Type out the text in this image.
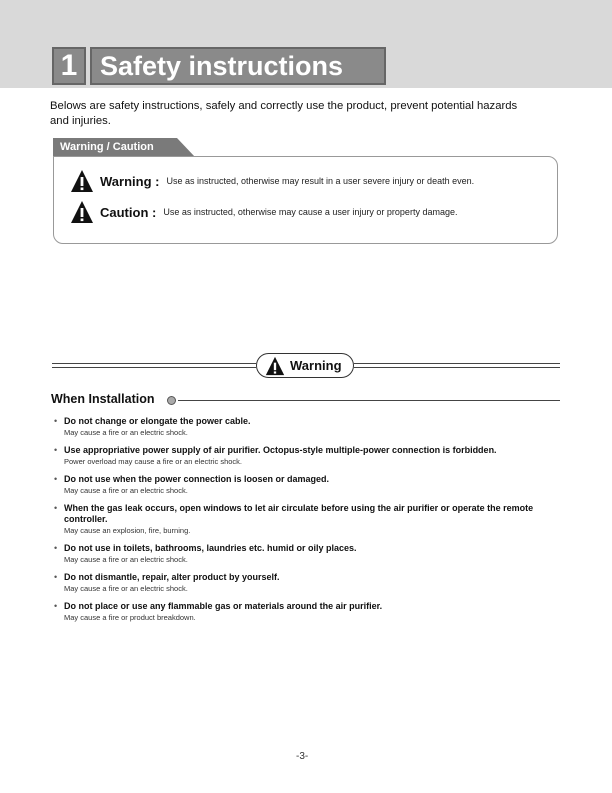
1 Safety instructions
Belows are safety instructions, safely and correctly use the product, prevent potential hazards and injuries.
Warning / Caution
Warning : Use as instructed, otherwise may result in a user severe injury or death even.
Caution : Use as instructed, otherwise may cause a user injury or property damage.
Warning
When Installation
• Do not change or elongate the power cable.
May cause a fire or an electric shock.
• Use appropriative power supply of air purifier. Octopus-style multiple-power connection is forbidden.
Power overload may cause a fire or an electric shock.
• Do not use when the power connection is loosen or damaged.
May cause a fire or an electric shock.
• When the gas leak occurs, open windows to let air circulate before using the air purifier or operate the remote controller.
May cause an explosion, fire, burning.
• Do not use in toilets, bathrooms, laundries etc. humid or oily places.
May cause a fire or an electric shock.
• Do not dismantle, repair, alter product by yourself.
May cause a fire or an electric shock.
• Do not place or use any flammable gas or materials around the air purifier.
May cause a fire or product breakdown.
-3-
